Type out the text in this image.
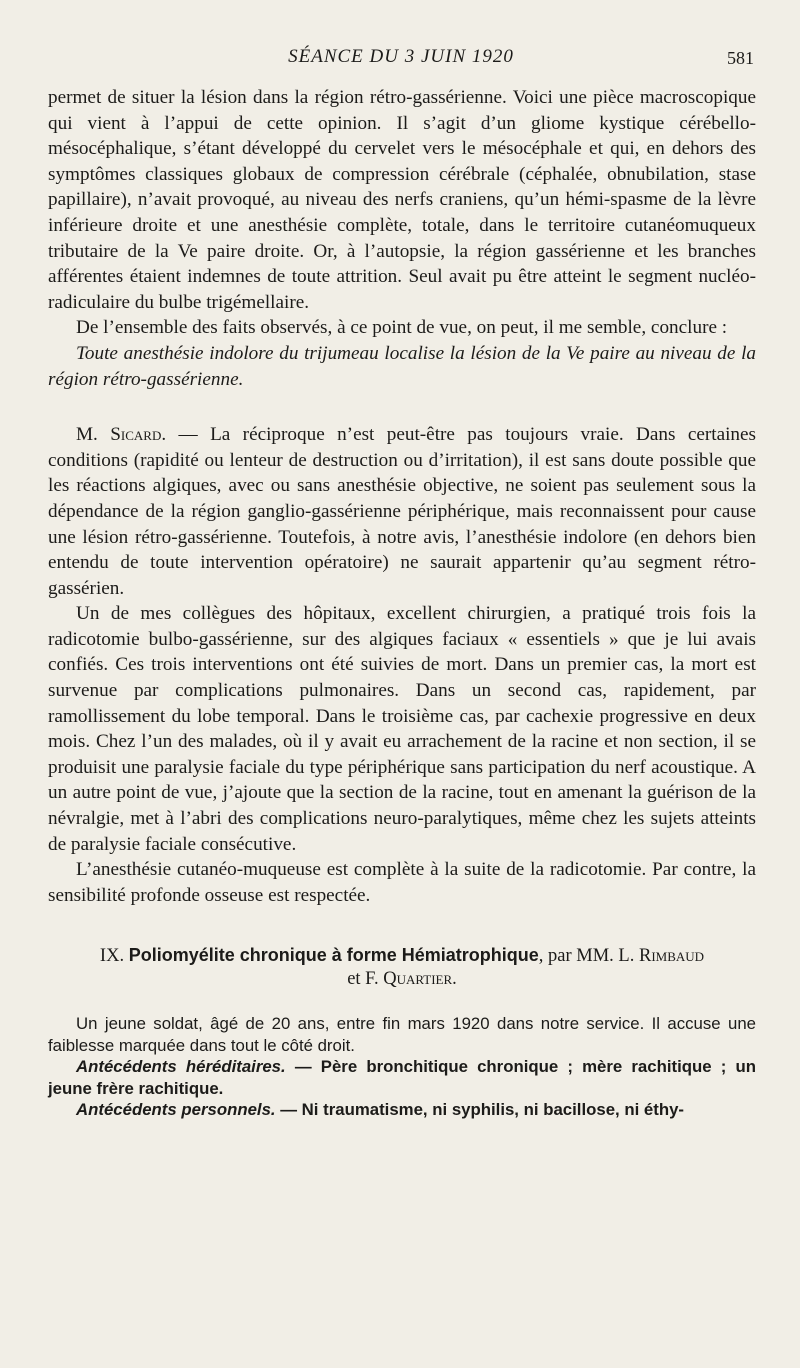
SÉANCE DU 3 JUIN 1920	581

permet de situer la lésion dans la région rétro-gassérienne. Voici une pièce macroscopique qui vient à l’appui de cette opinion. Il s’agit d’un gliome kystique cérébello-mésocéphalique, s’étant développé du cervelet vers le mésocéphale et qui, en dehors des symptômes classiques globaux de compression cérébrale (céphalée, obnubilation, stase papillaire), n’avait provoqué, au niveau des nerfs craniens, qu’un hémi-spasme de la lèvre inférieure droite et une anesthésie complète, totale, dans le territoire cutanéomuqueux tributaire de la Ve paire droite. Or, à l’autopsie, la région gassérienne et les branches afférentes étaient indemnes de toute attrition. Seul avait pu être atteint le segment nucléo-radiculaire du bulbe trigémellaire.

De l’ensemble des faits observés, à ce point de vue, on peut, il me semble, conclure :

Toute anesthésie indolore du trijumeau localise la lésion de la Ve paire au niveau de la région rétro-gassérienne.

M. Sicard. — La réciproque n’est peut-être pas toujours vraie. Dans certaines conditions (rapidité ou lenteur de destruction ou d’irritation), il est sans doute possible que les réactions algiques, avec ou sans anesthésie objective, ne soient pas seulement sous la dépendance de la région ganglio-gassérienne périphérique, mais reconnaissent pour cause une lésion rétro-gassérienne. Toutefois, à notre avis, l’anesthésie indolore (en dehors bien entendu de toute intervention opératoire) ne saurait appartenir qu’au segment rétro-gassérien.

Un de mes collègues des hôpitaux, excellent chirurgien, a pratiqué trois fois la radicotomie bulbo-gassérienne, sur des algiques faciaux « essentiels » que je lui avais confiés. Ces trois interventions ont été suivies de mort. Dans un premier cas, la mort est survenue par complications pulmonaires. Dans un second cas, rapidement, par ramollissement du lobe temporal. Dans le troisième cas, par cachexie progressive en deux mois. Chez l’un des malades, où il y avait eu arrachement de la racine et non section, il se produisit une paralysie faciale du type périphérique sans participation du nerf acoustique. A un autre point de vue, j’ajoute que la section de la racine, tout en amenant la guérison de la névralgie, met à l’abri des complications neuro-paralytiques, même chez les sujets atteints de paralysie faciale consécutive.

L’anesthésie cutanéo-muqueuse est complète à la suite de la radicotomie. Par contre, la sensibilité profonde osseuse est respectée.

IX. Poliomyélite chronique à forme Hémiatrophique, par MM. L. Rimbaud
et F. Quartier.

Un jeune soldat, âgé de 20 ans, entre fin mars 1920 dans notre service. Il accuse une faiblesse marquée dans tout le côté droit.

Antécédents héréditaires. — Père bronchitique chronique ; mère rachitique ; un jeune frère rachitique.

Antécédents personnels. — Ni traumatisme, ni syphilis, ni bacillose, ni éthy-
